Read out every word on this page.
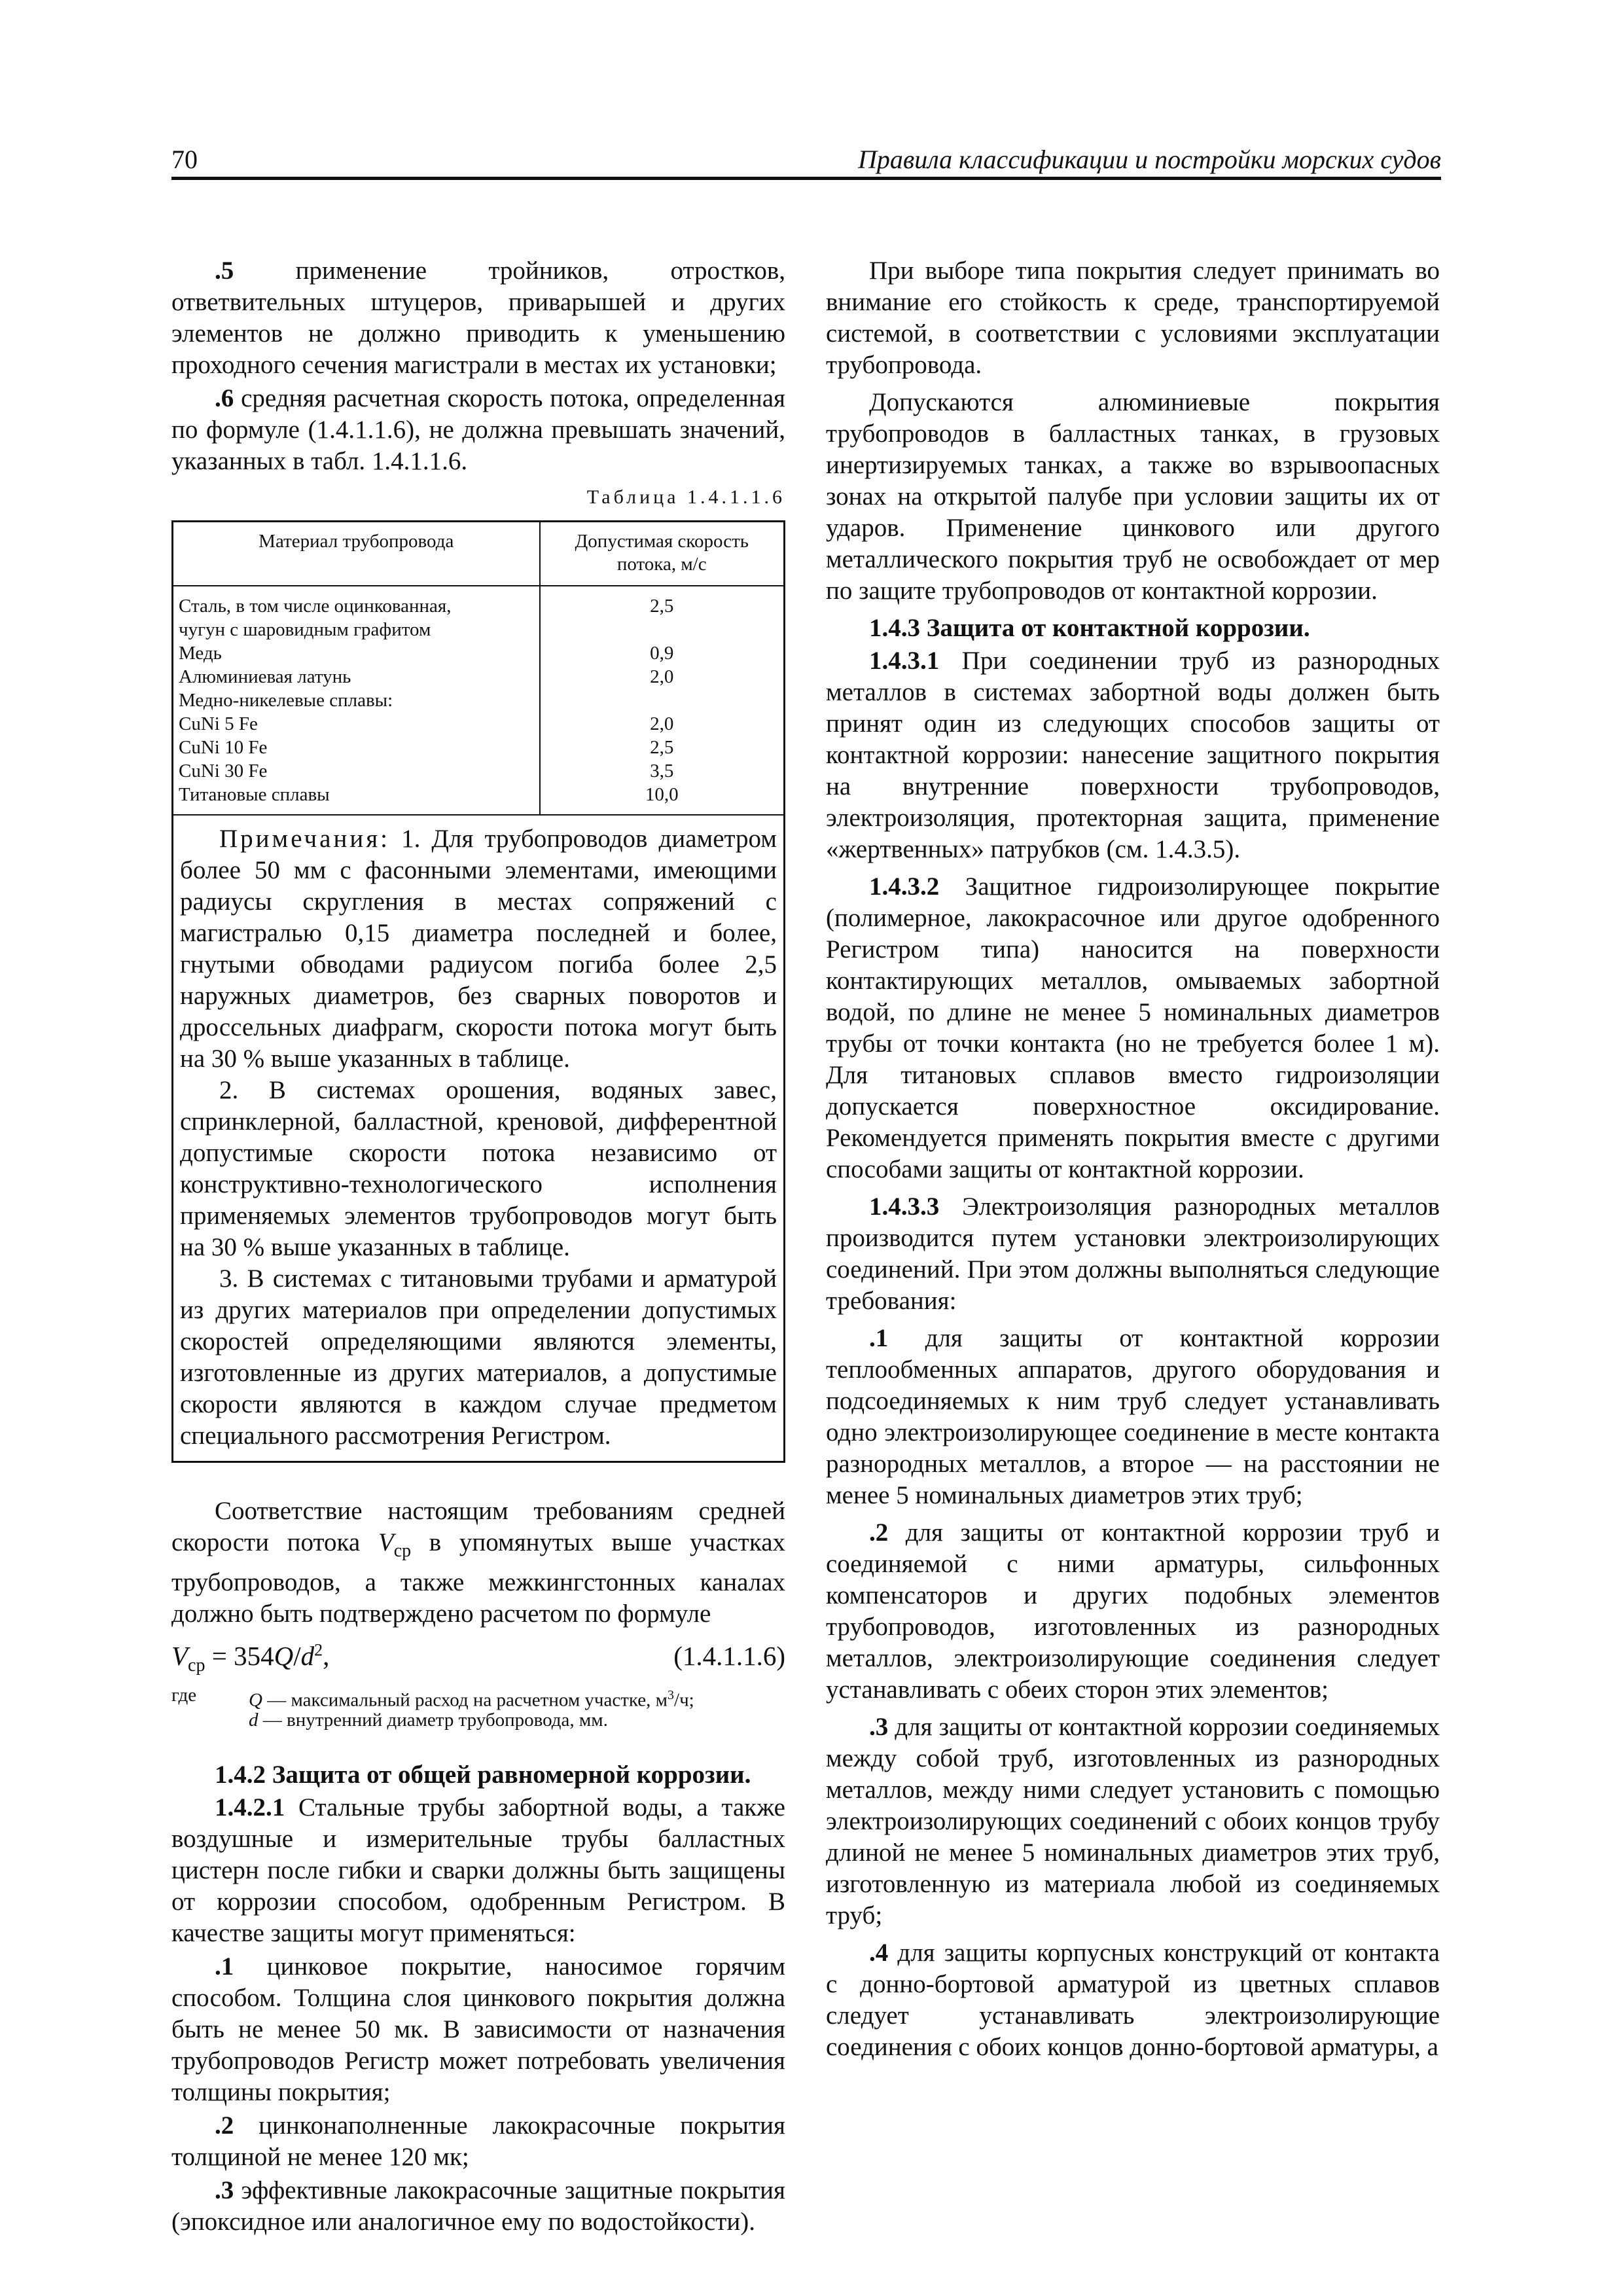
70	Правила классификации и постройки морских судов

.5 применение тройников, отростков, ответвительных штуцеров, приварышей и других элементов не должно приводить к уменьшению проходного сечения магистрали в местах их установки;

.6 средняя расчетная скорость потока, определенная по формуле (1.4.1.1.6), не должна превышать значений, указанных в табл. 1.4.1.1.6.

Таблица 1.4.1.1.6
Материал трубопровода	Допустимая скорость потока, м/с
Сталь, в том числе оцинкованная,	2,5
чугун с шаровидным графитом	
Медь	0,9
Алюминиевая латунь	2,0
Медно-никелевые сплавы:	
CuNi 5 Fe	2,0
CuNi 10 Fe	2,5
CuNi 30 Fe	3,5
Титановые сплавы	10,0

Примечания: 1. Для трубопроводов диаметром более 50 мм с фасонными элементами, имеющими радиусы скругления в местах сопряжений с магистралью 0,15 диаметра последней и более, гнутыми обводами радиусом погиба более 2,5 наружных диаметров, без сварных поворотов и дроссельных диафрагм, скорости потока могут быть на 30 % выше указанных в таблице.

2. В системах орошения, водяных завес, спринклерной, балластной, креновой, дифферентной допустимые скорости потока независимо от конструктивно-технологического исполнения применяемых элементов трубопроводов могут быть на 30 % выше указанных в таблице.

3. В системах с титановыми трубами и арматурой из других материалов при определении допустимых скоростей определяющими являются элементы, изготовленные из других материалов, а допустимые скорости являются в каждом случае предметом специального рассмотрения Регистром.	

Соответствие настоящим требованиям средней скорости потока $V_{ср}$ в упомянутых выше участках трубопроводов, а также межкингстонных каналах должно быть подтверждено расчетом по формуле

$V_{ср} = 354Q/d^2$,	(1.4.1.1.6)
где	Q — максимальный расход на расчетном участке, $м^3/ч$;
d — внутренний диаметр трубопровода, мм.

1.4.2 Защита от общей равномерной коррозии.

1.4.2.1 Стальные трубы забортной воды, а также воздушные и измерительные трубы балластных цистерн после гибки и сварки должны быть защищены от коррозии способом, одобренным Регистром. В качестве защиты могут применяться:

.1 цинковое покрытие, наносимое горячим способом. Толщина слоя цинкового покрытия должна быть не менее 50 мк. В зависимости от назначения трубопроводов Регистр может потребовать увеличения толщины покрытия;

.2 цинконаполненные лакокрасочные покрытия толщиной не менее 120 мк;

.3 эффективные лакокрасочные защитные покрытия (эпоксидное или аналогичное ему по водостойкости).

При выборе типа покрытия следует принимать во внимание его стойкость к среде, транспортируемой системой, в соответствии с условиями эксплуатации трубопровода.

Допускаются алюминиевые покрытия трубопроводов в балластных танках, в грузовых инертизируемых танках, а также во взрывоопасных зонах на открытой палубе при условии защиты их от ударов. Применение цинкового или другого металлического покрытия труб не освобождает от мер по защите трубопроводов от контактной коррозии.

1.4.3 Защита от контактной коррозии.

1.4.3.1 При соединении труб из разнородных металлов в системах забортной воды должен быть принят один из следующих способов защиты от контактной коррозии: нанесение защитного покрытия на внутренние поверхности трубопроводов, электроизоляция, протекторная защита, применение «жертвенных» патрубков (см. 1.4.3.5).

1.4.3.2 Защитное гидроизолирующее покрытие (полимерное, лакокрасочное или другое одобренного Регистром типа) наносится на поверхности контактирующих металлов, омываемых забортной водой, по длине не менее 5 номинальных диаметров трубы от точки контакта (но не требуется более 1 м). Для титановых сплавов вместо гидроизоляции допускается поверхностное оксидирование. Рекомендуется применять покрытия вместе с другими способами защиты от контактной коррозии.

1.4.3.3 Электроизоляция разнородных металлов производится путем установки электроизолирующих соединений. При этом должны выполняться следующие требования:

.1 для защиты от контактной коррозии теплообменных аппаратов, другого оборудования и подсоединяемых к ним труб следует устанавливать одно электроизолирующее соединение в месте контакта разнородных металлов, а второе — на расстоянии не менее 5 номинальных диаметров этих труб;

.2 для защиты от контактной коррозии труб и соединяемой с ними арматуры, сильфонных компенсаторов и других подобных элементов трубопроводов, изготовленных из разнородных металлов, электроизолирующие соединения следует устанавливать с обеих сторон этих элементов;

.3 для защиты от контактной коррозии соединяемых между собой труб, изготовленных из разнородных металлов, между ними следует установить с помощью электроизолирующих соединений с обоих концов трубу длиной не менее 5 номинальных диаметров этих труб, изготовленную из материала любой из соединяемых труб;

.4 для защиты корпусных конструкций от контакта с донно-бортовой арматурой из цветных сплавов следует устанавливать электроизолирующие соединения с обоих концов донно-бортовой арматуры, а
